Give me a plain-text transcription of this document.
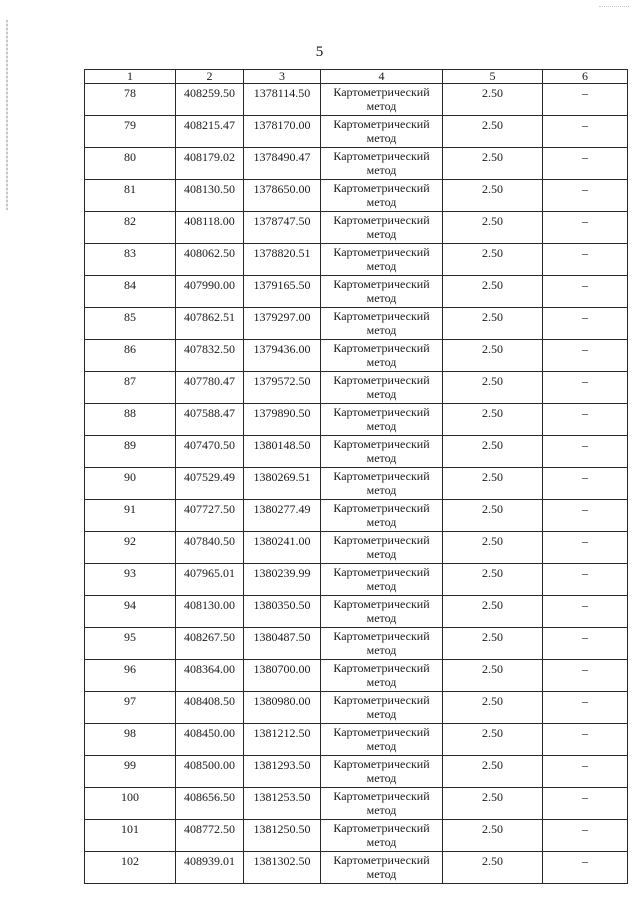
5
1	2	3	4	5	6
78	408259.50	1378114.50	Картометрический метод	2.50	–
79	408215.47	1378170.00	Картометрический метод	2.50	–
80	408179.02	1378490.47	Картометрический метод	2.50	–
81	408130.50	1378650.00	Картометрический метод	2.50	–
82	408118.00	1378747.50	Картометрический метод	2.50	–
83	408062.50	1378820.51	Картометрический метод	2.50	–
84	407990.00	1379165.50	Картометрический метод	2.50	–
85	407862.51	1379297.00	Картометрический метод	2.50	–
86	407832.50	1379436.00	Картометрический метод	2.50	–
87	407780.47	1379572.50	Картометрический метод	2.50	–
88	407588.47	1379890.50	Картометрический метод	2.50	–
89	407470.50	1380148.50	Картометрический метод	2.50	–
90	407529.49	1380269.51	Картометрический метод	2.50	–
91	407727.50	1380277.49	Картометрический метод	2.50	–
92	407840.50	1380241.00	Картометрический метод	2.50	–
93	407965.01	1380239.99	Картометрический метод	2.50	–
94	408130.00	1380350.50	Картометрический метод	2.50	–
95	408267.50	1380487.50	Картометрический метод	2.50	–
96	408364.00	1380700.00	Картометрический метод	2.50	–
97	408408.50	1380980.00	Картометрический метод	2.50	–
98	408450.00	1381212.50	Картометрический метод	2.50	–
99	408500.00	1381293.50	Картометрический метод	2.50	–
100	408656.50	1381253.50	Картометрический метод	2.50	–
101	408772.50	1381250.50	Картометрический метод	2.50	–
102	408939.01	1381302.50	Картометрический метод	2.50	–
